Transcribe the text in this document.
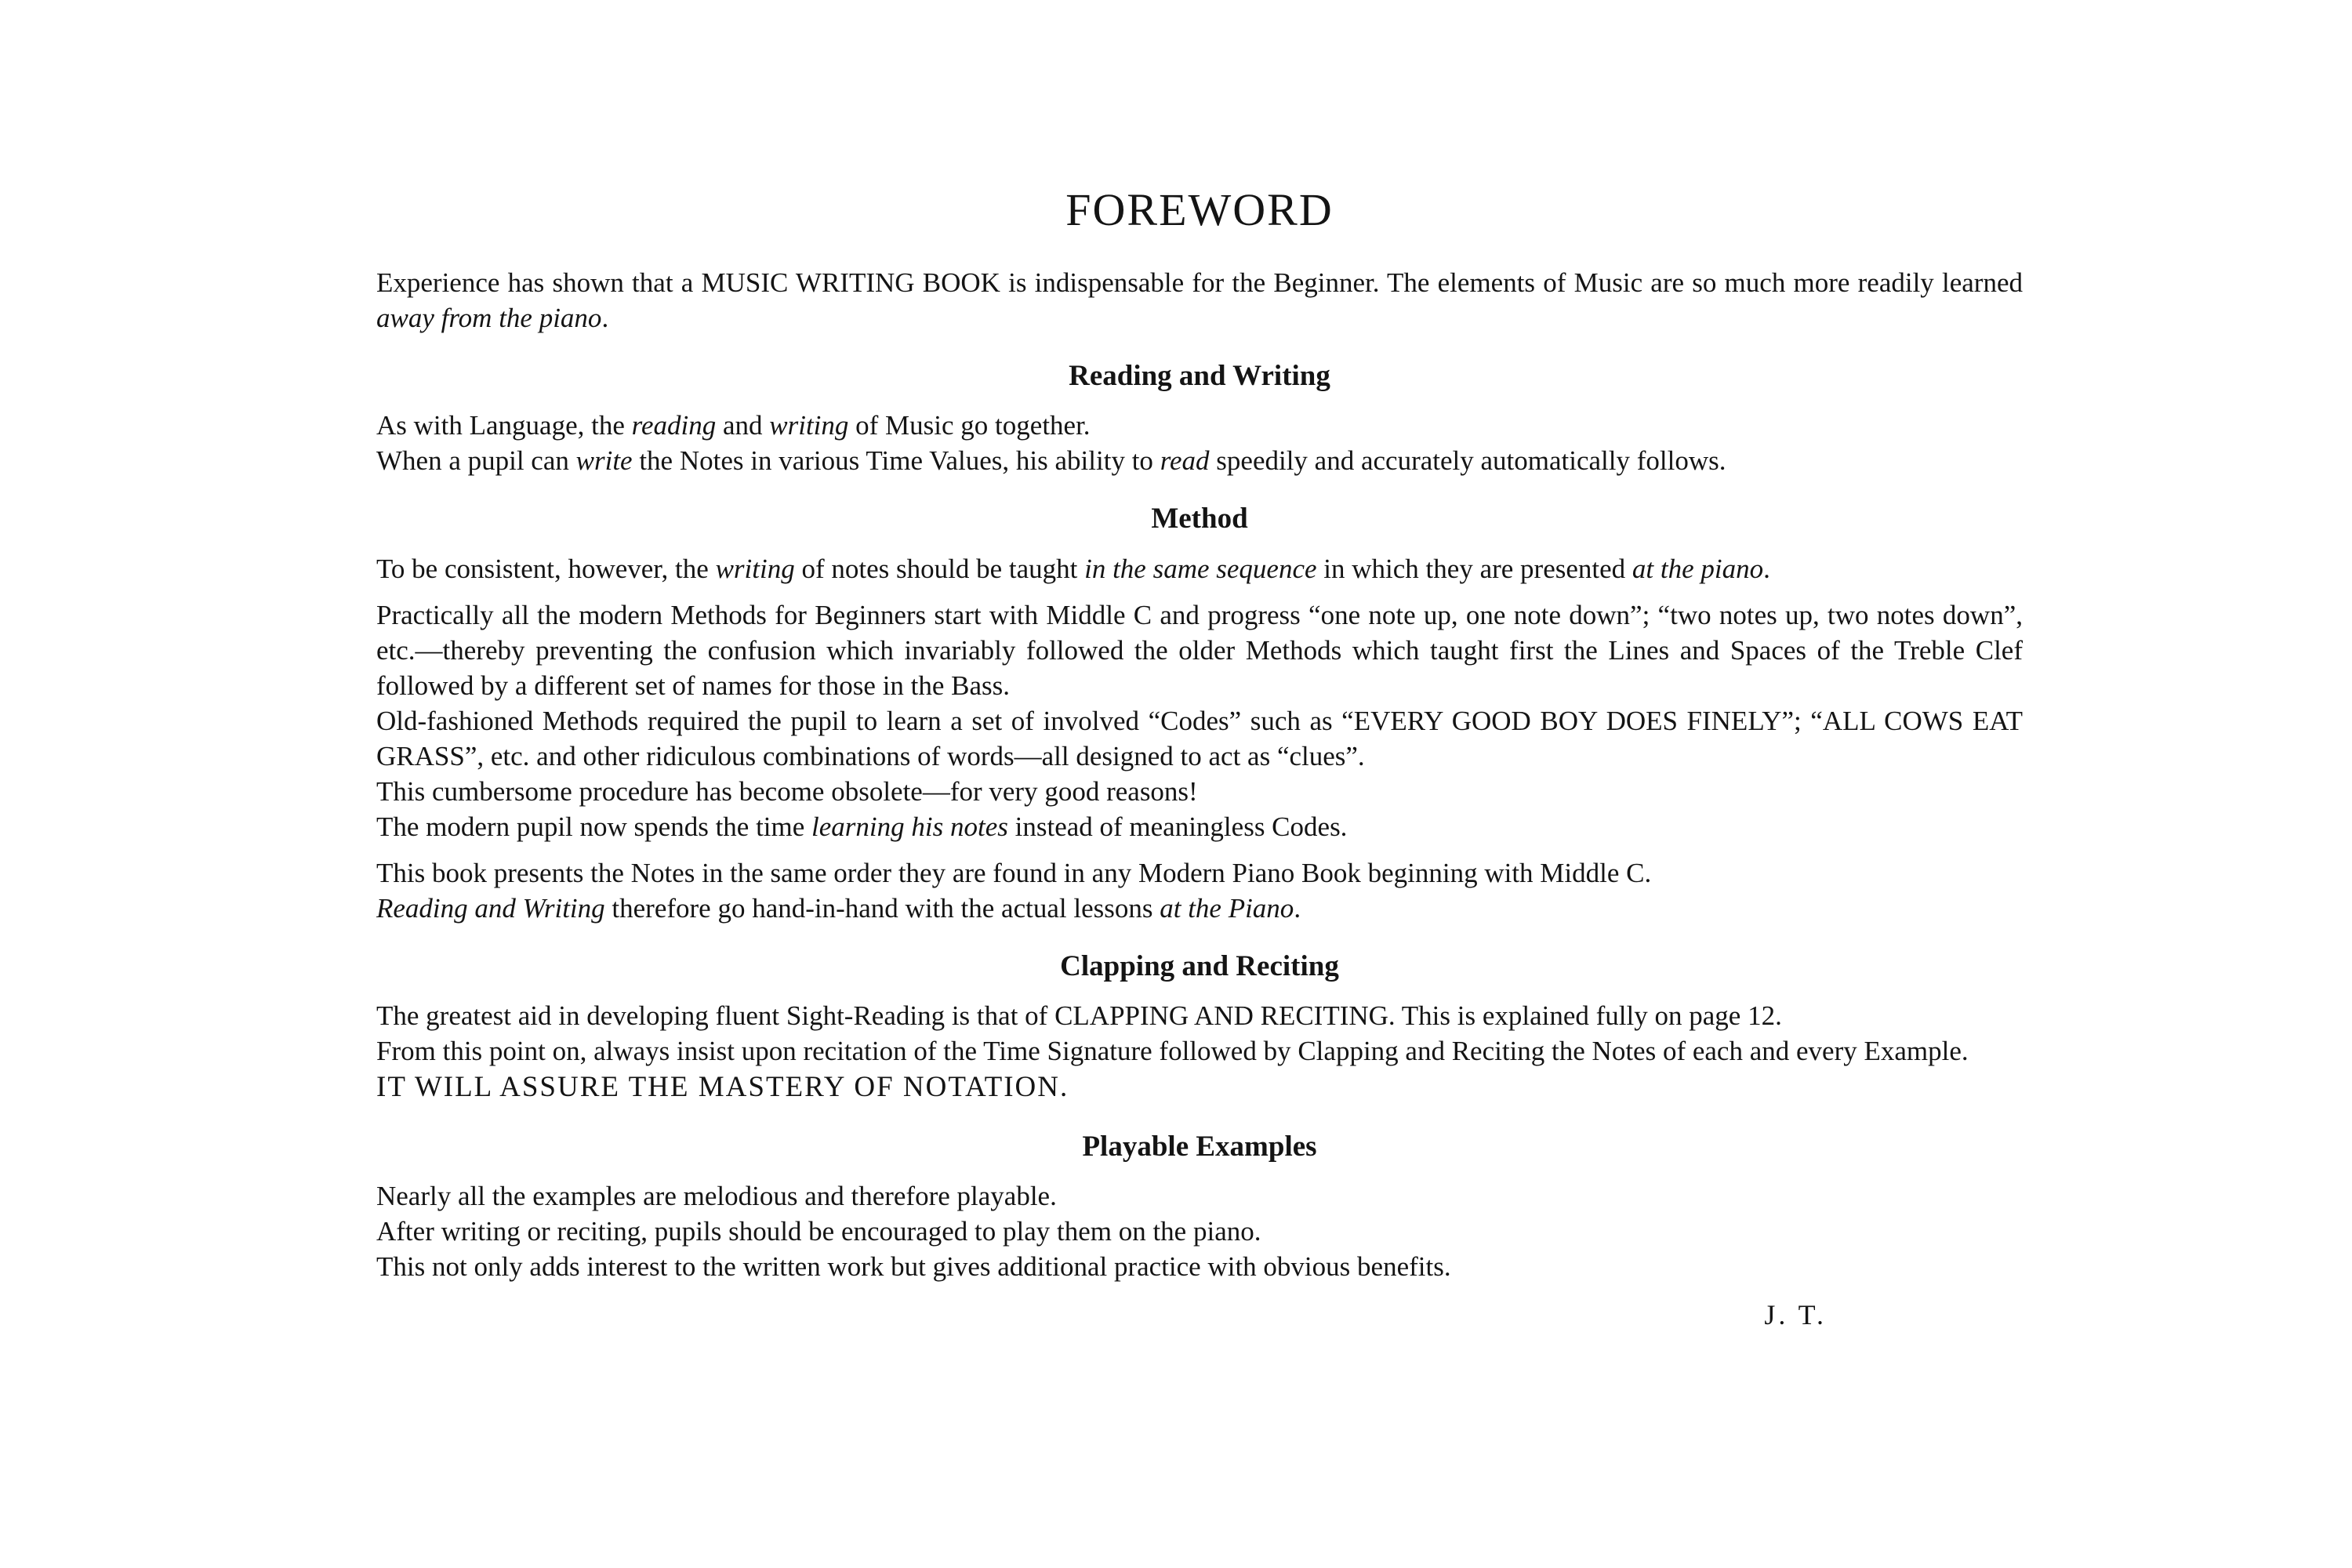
FOREWORD

Experience has shown that a MUSIC WRITING BOOK is indispensable for the Beginner. The elements of Music are so much more readily learned away from the piano.

Reading and Writing

As with Language, the reading and writing of Music go together.

When a pupil can write the Notes in various Time Values, his ability to read speedily and accurately automatically follows.

Method

To be consistent, however, the writing of notes should be taught in the same sequence in which they are presented at the piano.

Practically all the modern Methods for Beginners start with Middle C and progress “one note up, one note down”; “two notes up, two notes down”, etc.—thereby preventing the confusion which invariably followed the older Methods which taught first the Lines and Spaces of the Treble Clef followed by a different set of names for those in the Bass.

Old-fashioned Methods required the pupil to learn a set of involved “Codes” such as “EVERY GOOD BOY DOES FINELY”; “ALL COWS EAT GRASS”, etc. and other ridiculous combinations of words—all designed to act as “clues”.

This cumbersome procedure has become obsolete—for very good reasons!

The modern pupil now spends the time learning his notes instead of meaningless Codes.

This book presents the Notes in the same order they are found in any Modern Piano Book beginning with Middle C.

Reading and Writing therefore go hand-in-hand with the actual lessons at the Piano.

Clapping and Reciting

The greatest aid in developing fluent Sight-Reading is that of CLAPPING AND RECITING. This is explained fully on page 12.

From this point on, always insist upon recitation of the Time Signature followed by Clapping and Reciting the Notes of each and every Example.

IT WILL ASSURE THE MASTERY OF NOTATION.

Playable Examples

Nearly all the examples are melodious and therefore playable.

After writing or reciting, pupils should be encouraged to play them on the piano.

This not only adds interest to the written work but gives additional practice with obvious benefits.

J. T.
